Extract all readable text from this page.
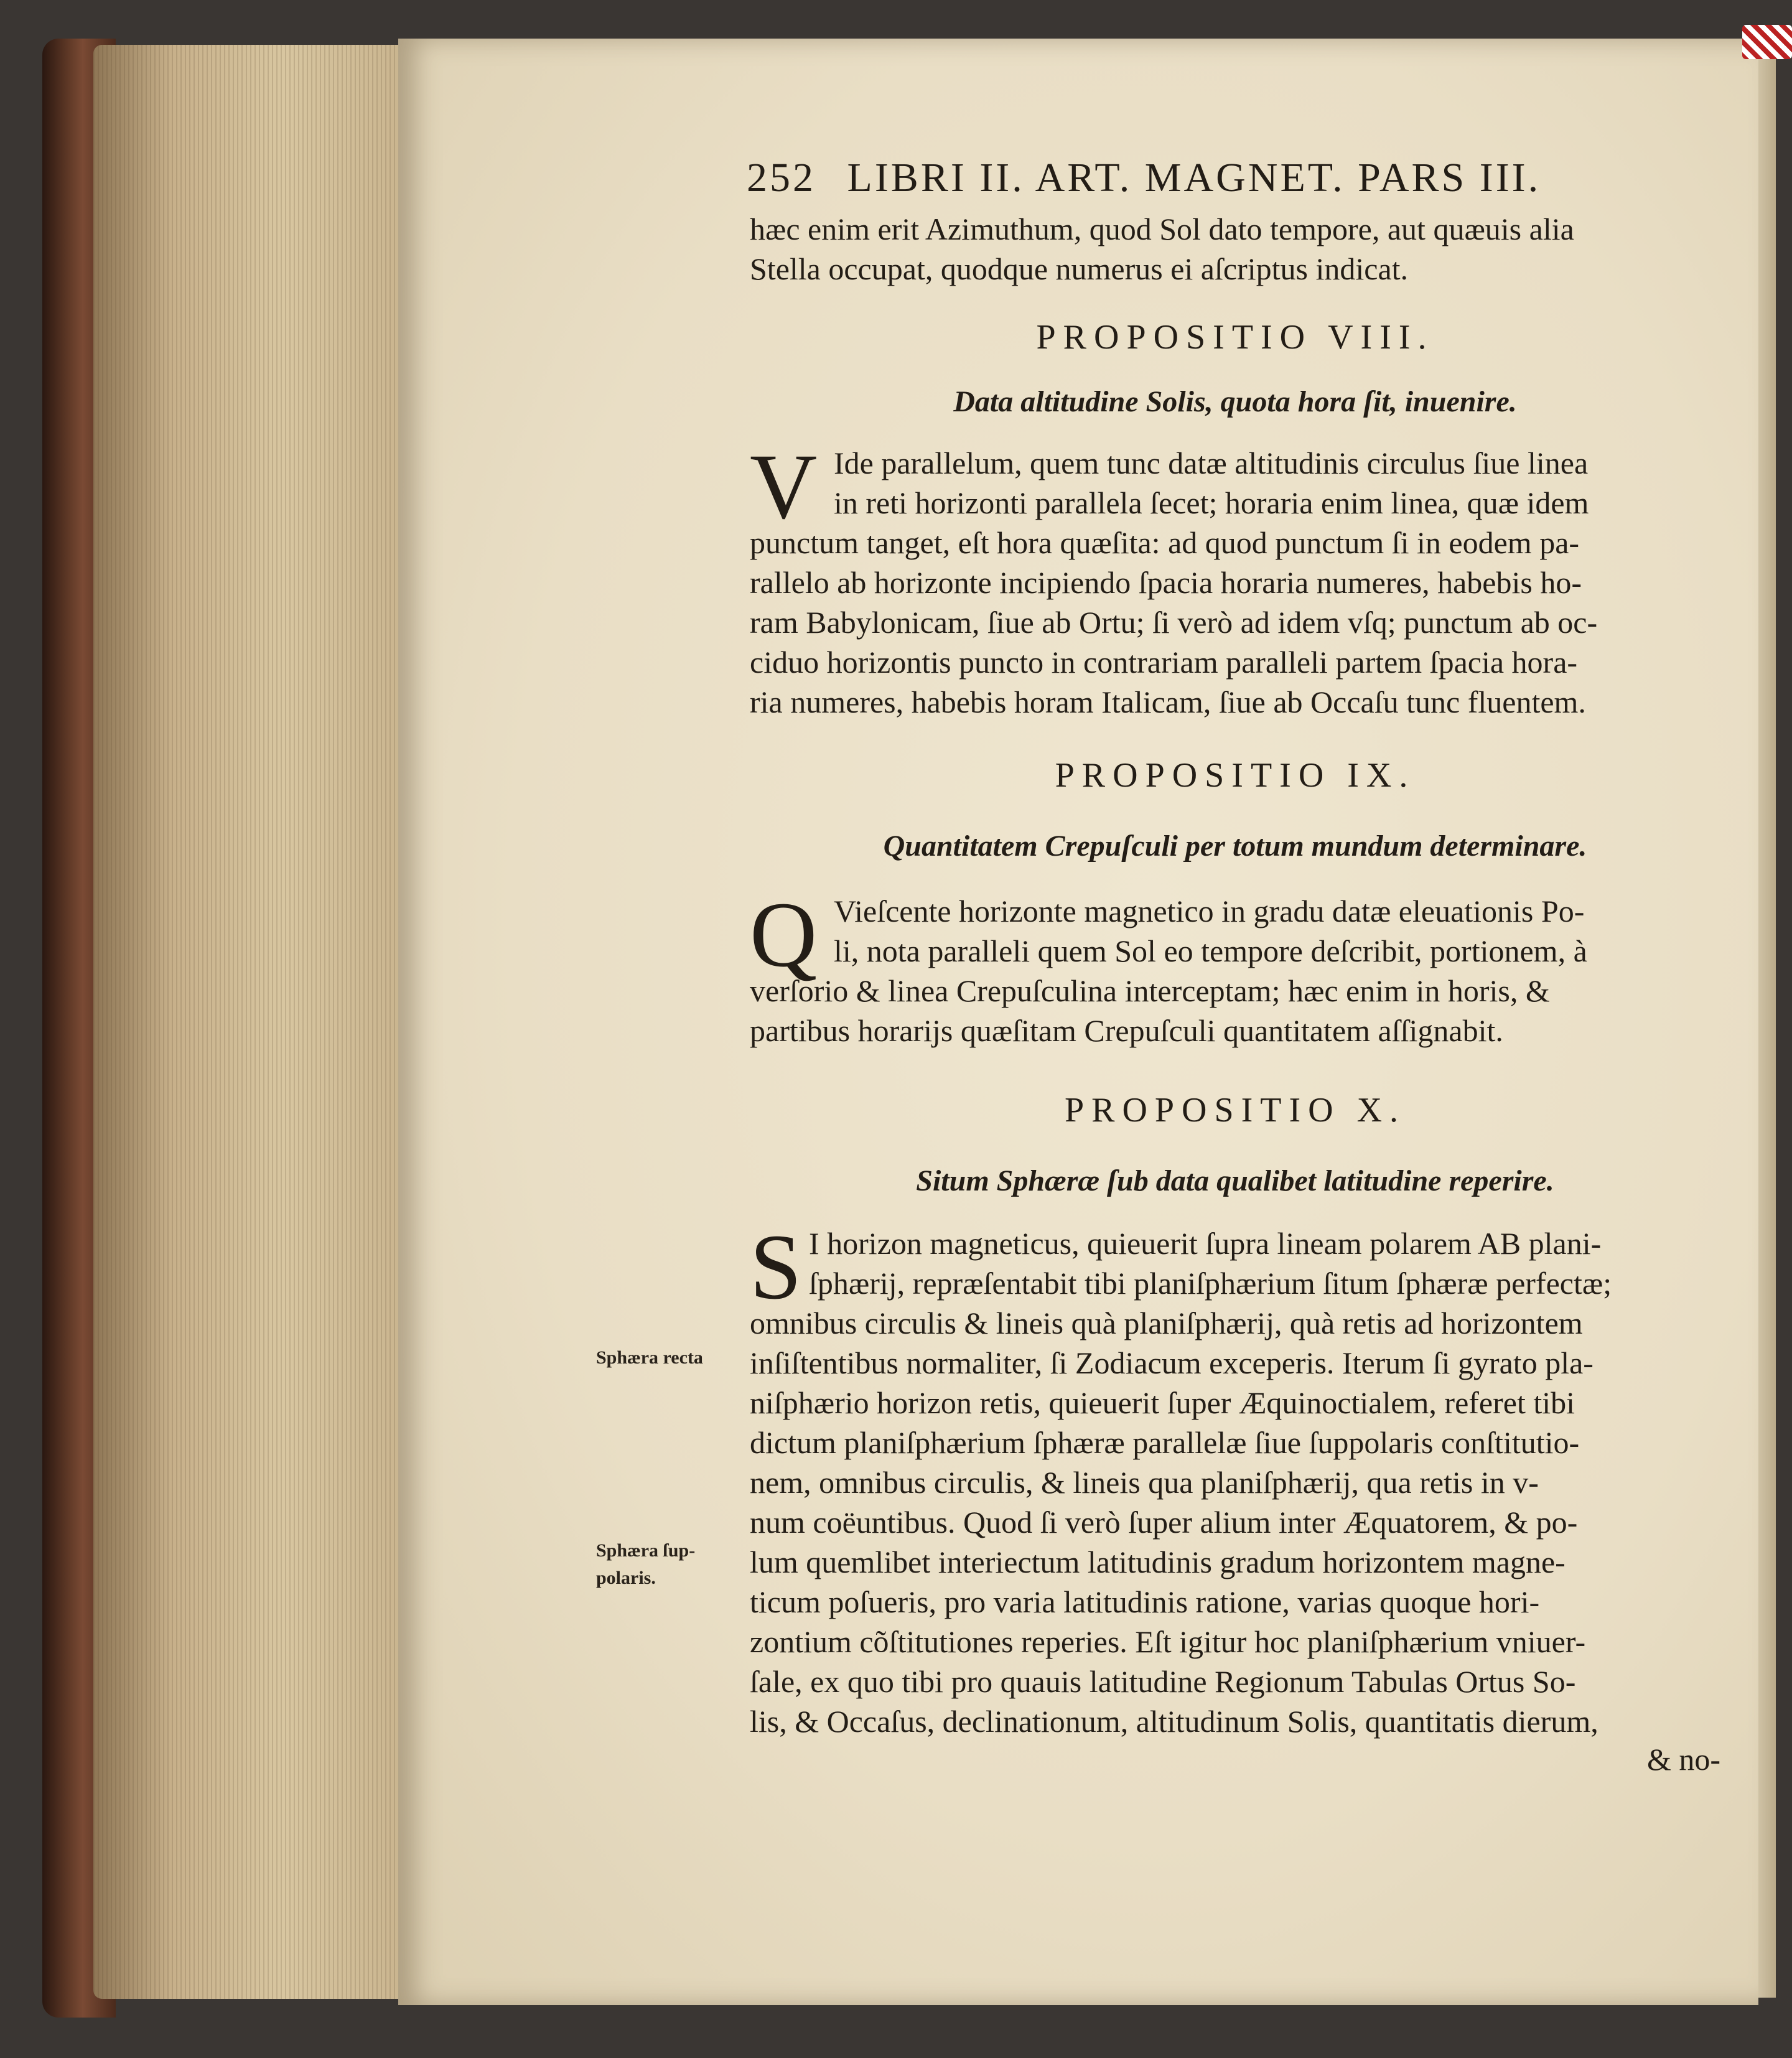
252 LIBRI II. ART. MAGNET. PARS III.
hæc enim erit Azimuthum, quod Sol dato tempore, aut quæuis alia
Stella occupat, quodque numerus ei aſcriptus indicat.
PROPOSITIO VIII.
Data altitudine Solis, quota hora ſit, inuenire.
V Ide parallelum, quem tunc datæ altitudinis circulus ſiue linea
in reti horizonti parallela ſecet; horaria enim linea, quæ idem
punctum tanget, eſt hora quæſita: ad quod punctum ſi in eodem pa-
rallelo ab horizonte incipiendo ſpacia horaria numeres, habebis ho-
ram Babylonicam, ſiue ab Ortu; ſi verò ad idem vſq; punctum ab oc-
ciduo horizontis puncto in contrariam paralleli partem ſpacia hora-
ria numeres, habebis horam Italicam, ſiue ab Occaſu tunc fluentem.
PROPOSITIO IX.
Quantitatem Crepuſculi per totum mundum determinare.
Q Vieſcente horizonte magnetico in gradu datæ eleuationis Po-
li, nota paralleli quem Sol eo tempore deſcribit, portionem, à
verſorio & linea Crepuſculina interceptam; hæc enim in horis, &
partibus horarijs quæſitam Crepuſculi quantitatem aſſignabit.
PROPOSITIO X.
Situm Sphæræ ſub data qualibet latitudine reperire.
S I horizon magneticus, quieuerit ſupra lineam polarem AB plani-
ſphærij, repræſentabit tibi planiſphærium ſitum ſphæræ perfectæ;
omnibus circulis & lineis quà planiſphærij, quà retis ad horizontem
inſiſtentibus normaliter, ſi Zodiacum exceperis. Iterum ſi gyrato pla-
niſphærio horizon retis, quieuerit ſuper Æquinoctialem, referet tibi
dictum planiſphærium ſphæræ parallelæ ſiue ſuppolaris conſtitutio-
nem, omnibus circulis, & lineis qua planiſphærij, qua retis in v-
num coëuntibus. Quod ſi verò ſuper alium inter Æquatorem, & po-
lum quemlibet interiectum latitudinis gradum horizontem magne-
ticum poſueris, pro varia latitudinis ratione, varias quoque hori-
zontium cõſtitutiones reperies. Eſt igitur hoc planiſphærium vniuer-
ſale, ex quo tibi pro quauis latitudine Regionum Tabulas Ortus So-
lis, & Occaſus, declinationum, altitudinum Solis, quantitatis dierum,
& no-
Sphæra recta
Sphæra ſup-
polaris.
